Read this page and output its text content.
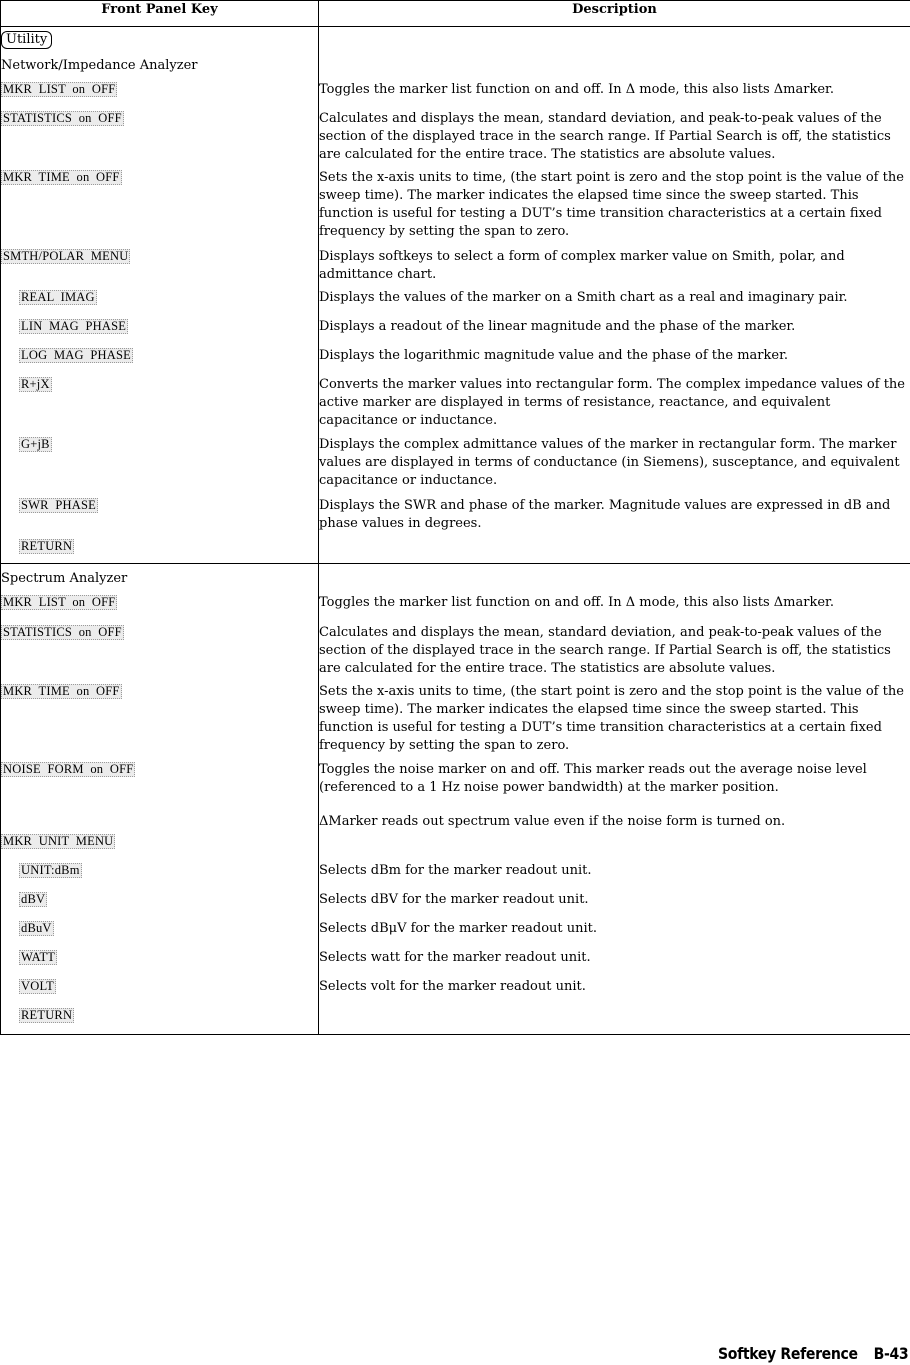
Front Panel Key	Description
Utility	
Network/Impedance Analyzer	
MKR  LIST  on  OFF	Toggles the marker list function on and off. In Δ mode, this also lists Δmarker.
STATISTICS  on  OFF	Calculates and displays the mean, standard deviation, and peak-to-peak values of the section of the displayed trace in the search range. If Partial Search is off, the statistics are calculated for the entire trace. The statistics are absolute values.
MKR  TIME  on  OFF	Sets the x-axis units to time, (the start point is zero and the stop point is the value of the sweep time). The marker indicates the elapsed time since the sweep started. This function is useful for testing a DUT’s time transition characteristics at a certain fixed frequency by setting the span to zero.
SMTH/POLAR  MENU	Displays softkeys to select a form of complex marker value on Smith, polar, and admittance chart.
REAL  IMAG	Displays the values of the marker on a Smith chart as a real and imaginary pair.
LIN  MAG  PHASE	Displays a readout of the linear magnitude and the phase of the marker.
LOG  MAG  PHASE	Displays the logarithmic magnitude value and the phase of the marker.
R+jX	Converts the marker values into rectangular form. The complex impedance values of the active marker are displayed in terms of resistance, reactance, and equivalent capacitance or inductance.
G+jB	Displays the complex admittance values of the marker in rectangular form. The marker values are displayed in terms of conductance (in Siemens), susceptance, and equivalent capacitance or inductance.
SWR  PHASE	Displays the SWR and phase of the marker. Magnitude values are expressed in dB and phase values in degrees.
RETURN	
Spectrum Analyzer	
MKR  LIST  on  OFF	Toggles the marker list function on and off. In Δ mode, this also lists Δmarker.
STATISTICS  on  OFF	Calculates and displays the mean, standard deviation, and peak-to-peak values of the section of the displayed trace in the search range. If Partial Search is off, the statistics are calculated for the entire trace. The statistics are absolute values.
MKR  TIME  on  OFF	Sets the x-axis units to time, (the start point is zero and the stop point is the value of the sweep time). The marker indicates the elapsed time since the sweep started. This function is useful for testing a DUT’s time transition characteristics at a certain fixed frequency by setting the span to zero.
NOISE  FORM  on  OFF	Toggles the noise marker on and off. This marker reads out the average noise level (referenced to a 1 Hz noise power bandwidth) at the marker position.
ΔMarker reads out spectrum value even if the noise form is turned on.

MKR  UNIT  MENU	
UNIT:dBm	Selects dBm for the marker readout unit.
dBV	Selects dBV for the marker readout unit.
dBuV	Selects dBμV for the marker readout unit.
WATT	Selects watt for the marker readout unit.
VOLT	Selects volt for the marker readout unit.
RETURN	
Softkey Reference B-43
